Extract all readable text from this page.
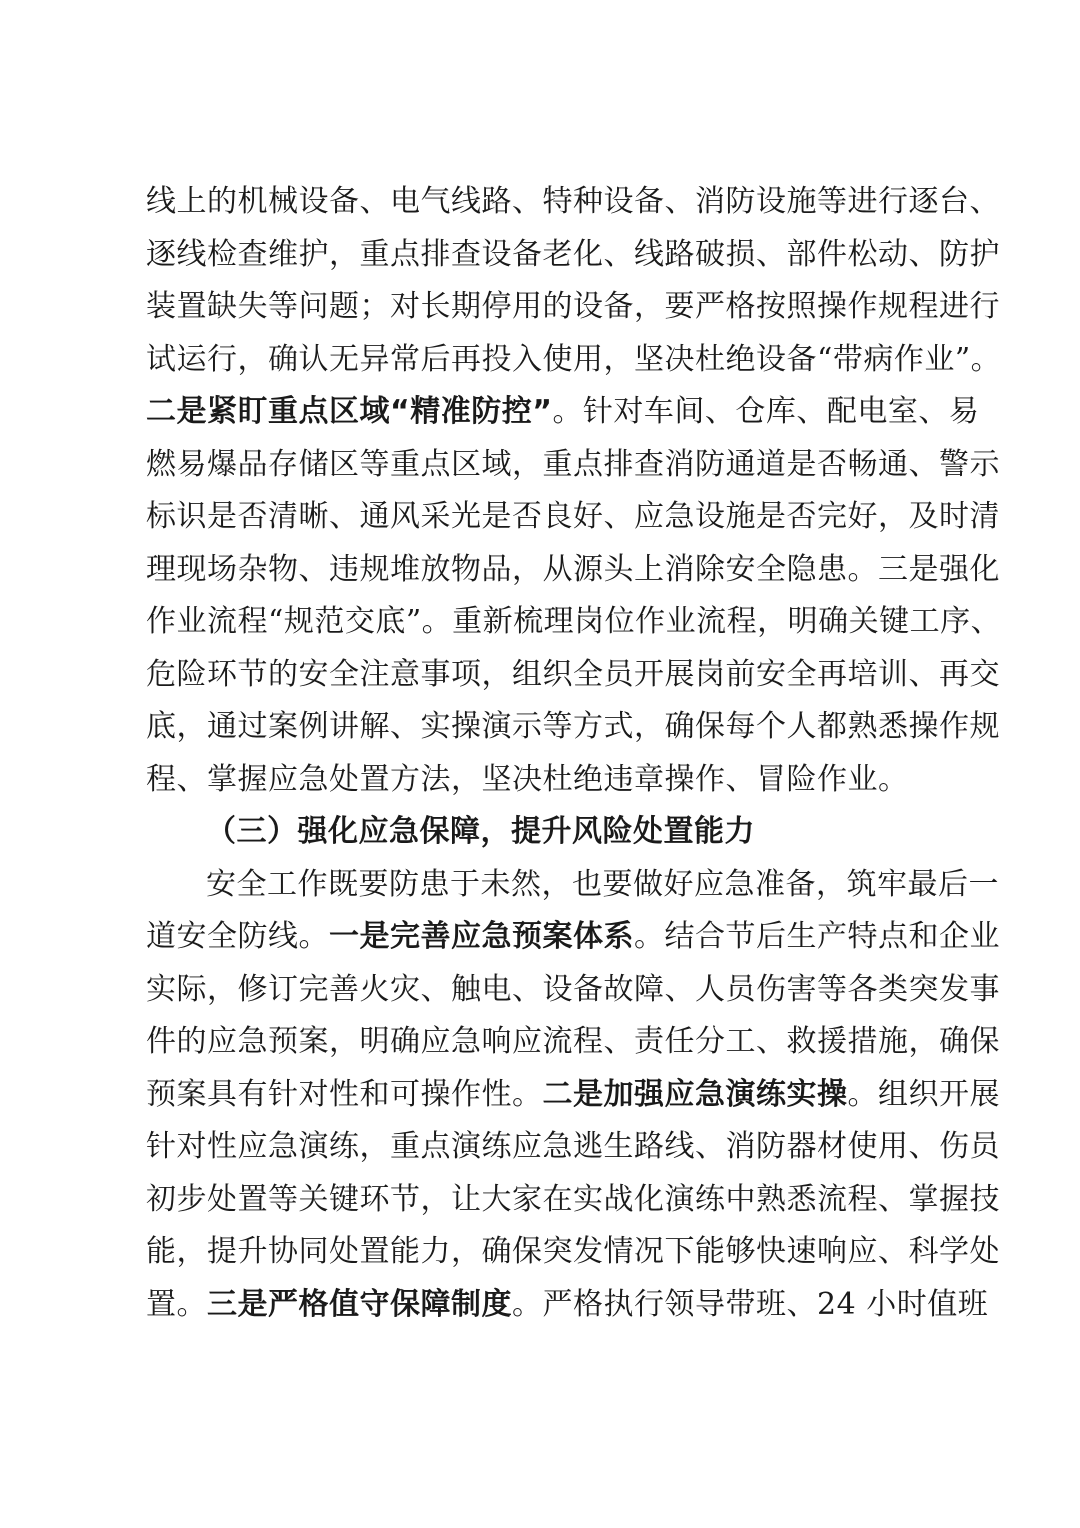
线上的机械设备、电气线路、特种设备、消防设施等进行逐台、
逐线检查维护，重点排查设备老化、线路破损、部件松动、防护
装置缺失等问题；对长期停用的设备，要严格按照操作规程进行
试运行，确认无异常后再投入使用，坚决杜绝设备“带病作业”。
二是紧盯重点区域“精准防控”。针对车间、仓库、配电室、易
燃易爆品存储区等重点区域，重点排查消防通道是否畅通、警示
标识是否清晰、通风采光是否良好、应急设施是否完好，及时清
理现场杂物、违规堆放物品，从源头上消除安全隐患。三是强化
作业流程“规范交底”。重新梳理岗位作业流程，明确关键工序、
危险环节的安全注意事项，组织全员开展岗前安全再培训、再交
底，通过案例讲解、实操演示等方式，确保每个人都熟悉操作规
程、掌握应急处置方法，坚决杜绝违章操作、冒险作业。
（三）强化应急保障，提升风险处置能力
安全工作既要防患于未然，也要做好应急准备，筑牢最后一
道安全防线。一是完善应急预案体系。结合节后生产特点和企业
实际，修订完善火灾、触电、设备故障、人员伤害等各类突发事
件的应急预案，明确应急响应流程、责任分工、救援措施，确保
预案具有针对性和可操作性。二是加强应急演练实操。组织开展
针对性应急演练，重点演练应急逃生路线、消防器材使用、伤员
初步处置等关键环节，让大家在实战化演练中熟悉流程、掌握技
能，提升协同处置能力，确保突发情况下能够快速响应、科学处
置。三是严格值守保障制度。严格执行领导带班、24 小时值班
